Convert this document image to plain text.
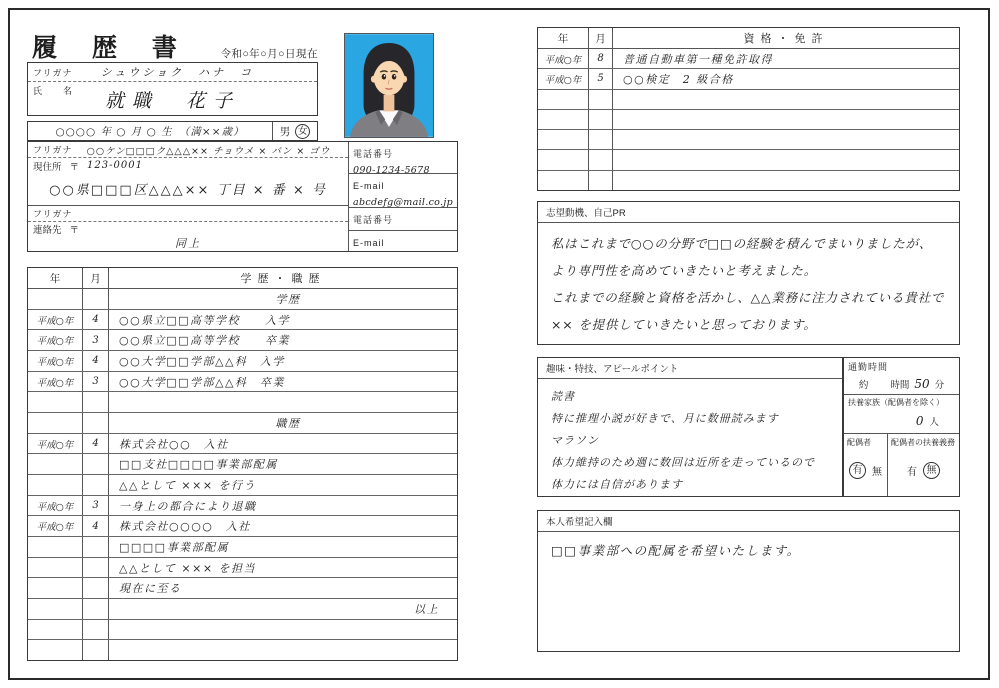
履 歴 書	令和○年○月○日現在
フリガナ	シュウショク　ハナ　コ
氏　名	就職　花子
○○○○ 年 ○ 月 ○ 生　（満××歳）	男 女
フリガナ ○○ケン□□□ク△△△×× チョウメ × バン × ゴウ
現住所 〒 123-0001
○○県□□□区△△△×× 丁目 × 番 × 号
フリガナ
連絡先 〒
同上
電話番号
090-1234-5678
E-mail
abcdefg@mail.co.jp
電話番号
E-mail
年	月	学歴・職歴
学歴
平成○年	4	○○県立□□高等学校　　入学
平成○年	3	○○県立□□高等学校　　卒業
平成○年	4	○○大学□□学部△△科　入学
平成○年	3	○○大学□□学部△△科　卒業
職歴
平成○年	4	株式会社○○　入社
□□支社□□□□事業部配属
△△として ××× を行う
平成○年	3	一身上の都合により退職
平成○年	4	株式会社○○○○　入社
□□□□事業部配属
△△として ××× を担当
現在に至る
以上
年	月	資格・免許
平成○年	8	普通自動車第一種免許取得
平成○年	5	○○検定　2 級合格
志望動機、自己PR
私はこれまで○○の分野で□□の経験を積んでまいりましたが、
より専門性を高めていきたいと考えました。
これまでの経験と資格を活かし、△△業務に注力されている貴社で
×× を提供していきたいと思っております。
趣味・特技、アピールポイント
読書
特に推理小説が好きで、月に数冊読みます
マラソン
体力維持のため週に数回は近所を走っているので
体力には自信があります
通勤時間
約 時間 50 分
扶養家族（配偶者を除く）
0 人
配偶者
有 無
配偶者の扶養義務
有 無
本人希望記入欄
□□事業部への配属を希望いたします。
